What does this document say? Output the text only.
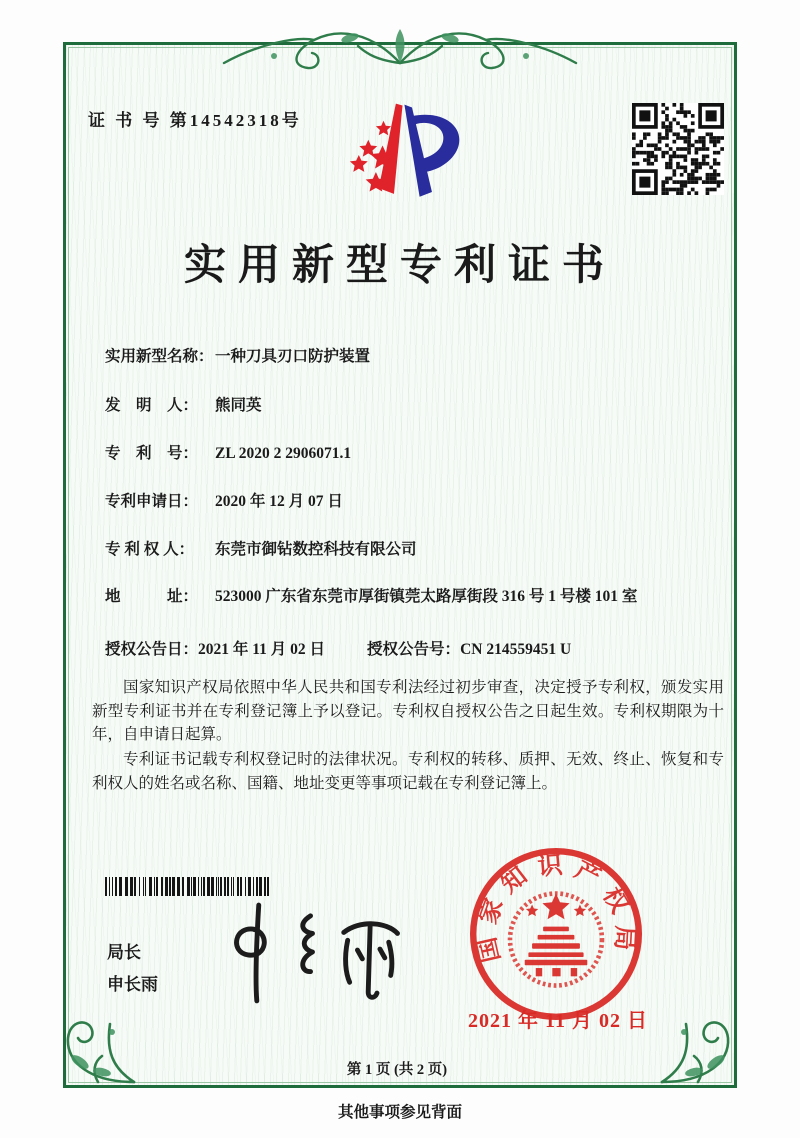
证 书 号 第14542318号
实用新型专利证书
实用新型名称： 一种刀具刃口防护装置
发　明　人：	熊同英
专　利　号：	ZL 2020 2 2906071.1
专利申请日：	2020 年 12 月 07 日
专 利 权 人：	东莞市御钻数控科技有限公司
地　　　址：	523000 广东省东莞市厚街镇莞太路厚街段 316 号 1 号楼 101 室
授权公告日：2021 年 11 月 02 日	授权公告号：CN 214559451 U
国家知识产权局依照中华人民共和国专利法经过初步审查，决定授予专利权，颁发实用新型专利证书并在专利登记簿上予以登记。专利权自授权公告之日起生效。专利权期限为十年，自申请日起算。
专利证书记载专利权登记时的法律状况。专利权的转移、质押、无效、终止、恢复和专利权人的姓名或名称、国籍、地址变更等事项记载在专利登记簿上。
局长
申长雨
国家知识产权局
2021 年 11 月 02 日
第 1 页 (共 2 页)
其他事项参见背面
